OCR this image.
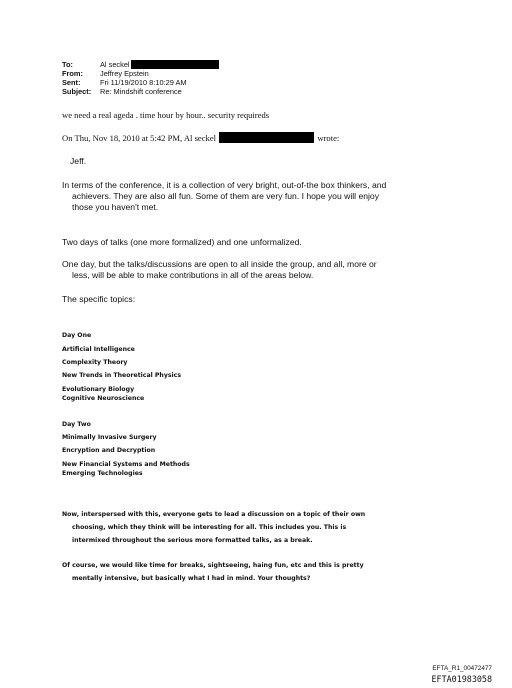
To:	Al seckel
From:	Jeffrey Epstein
Sent:	Fri 11/19/2010 8:10:29 AM
Subject:	Re: Mindshift conference
we need a real ageda . time hour by hour.. security requireds
On Thu, Nov 18, 2010 at 5:42 PM, Al seckel	wrote:
Jeff.
In terms of the conference, it is a collection of very bright, out-of-the box thinkers, and
achievers. They are also all fun. Some of them are very fun. I hope you will enjoy
those you haven't met.
Two days of talks (one more formalized) and one unformalized.
One day, but the talks/discussions are open to all inside the group, and all, more or
less, will be able to make contributions in all of the areas below.
The specific topics:
Day One
Artificial Intelligence
Complexity Theory
New Trends in Theoretical Physics
Evolutionary Biology
Cognitive Neuroscience
Day Two
Minimally Invasive Surgery
Encryption and Decryption
New Financial Systems and Methods
Emerging Technologies
Now, interspersed with this, everyone gets to lead a discussion on a topic of their own
choosing, which they think will be interesting for all. This includes you. This is
intermixed throughout the serious more formatted talks, as a break.
Of course, we would like time for breaks, sightseeing, haing fun, etc and this is pretty
mentally intensive, but basically what I had in mind. Your thoughts?
EFTA_R1_00472477
EFTA01983058
